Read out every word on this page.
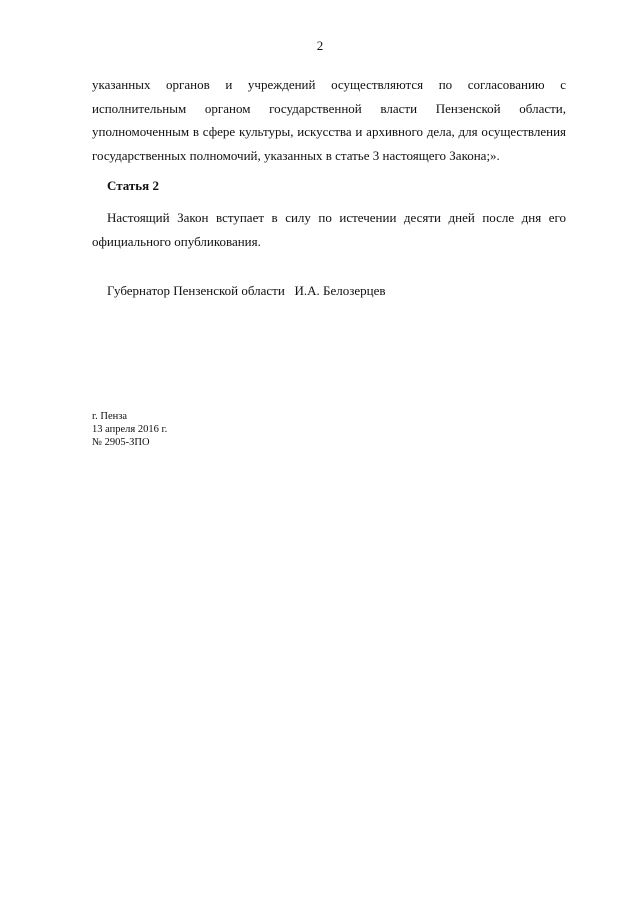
2
указанных органов и учреждений осуществляются по согласованию с
исполнительным органом государственной власти Пензенской области,
уполномоченным в сфере культуры, искусства и архивного дела, для осуществления
государственных полномочий, указанных в статье 3 настоящего Закона;».
Статья 2
Настоящий Закон вступает в силу по истечении десяти дней после дня его
официального опубликования.
Губернатор Пензенской области И.А. Белозерцев
г. Пенза
13 апреля 2016 г.
№ 2905-ЗПО
